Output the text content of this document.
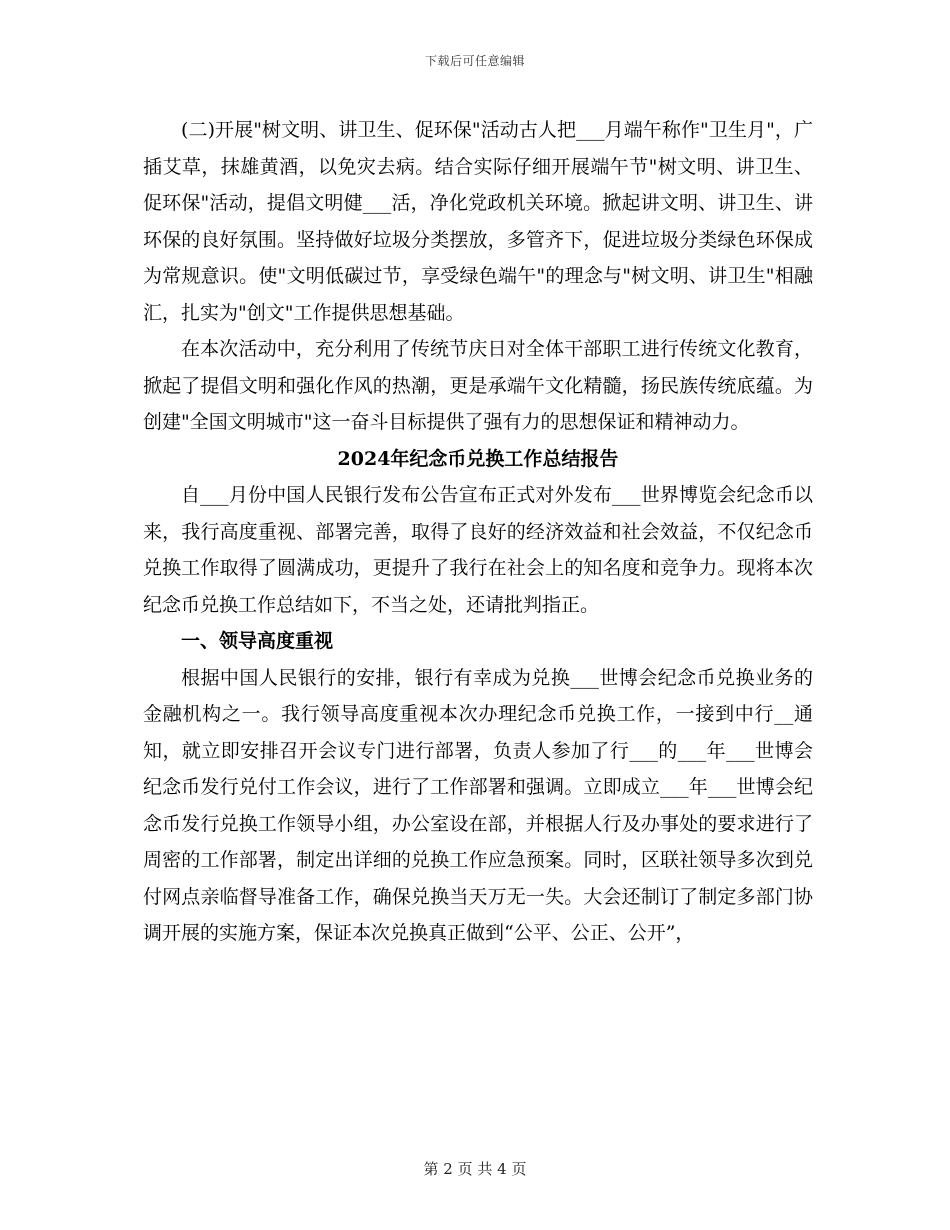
下载后可任意编辑

(二)开展"树文明、讲卫生、促环保"活动古人把___月端午称作"卫生月"，广插艾草，抹雄黄酒，以免灾去病。结合实际仔细开展端午节"树文明、讲卫生、促环保"活动，提倡文明健___活，净化党政机关环境。掀起讲文明、讲卫生、讲环保的良好氛围。坚持做好垃圾分类摆放，多管齐下，促进垃圾分类绿色环保成为常规意识。使"文明低碳过节，享受绿色端午"的理念与"树文明、讲卫生"相融汇，扎实为"创文"工作提供思想基础。

在本次活动中，充分利用了传统节庆日对全体干部职工进行传统文化教育，掀起了提倡文明和强化作风的热潮，更是承端午文化精髓，扬民族传统底蕴。为创建"全国文明城市"这一奋斗目标提供了强有力的思想保证和精神动力。

2024年纪念币兑换工作总结报告

自___月份中国人民银行发布公告宣布正式对外发布___世界博览会纪念币以来，我行高度重视、部署完善，取得了良好的经济效益和社会效益，不仅纪念币兑换工作取得了圆满成功，更提升了我行在社会上的知名度和竞争力。现将本次纪念币兑换工作总结如下，不当之处，还请批判指正。

一、领导高度重视

根据中国人民银行的安排，银行有幸成为兑换___世博会纪念币兑换业务的金融机构之一。我行领导高度重视本次办理纪念币兑换工作，一接到中行__通知，就立即安排召开会议专门进行部署，负责人参加了行___的___年___世博会纪念币发行兑付工作会议，进行了工作部署和强调。立即成立___年___世博会纪念币发行兑换工作领导小组，办公室设在部，并根据人行及办事处的要求进行了周密的工作部署，制定出详细的兑换工作应急预案。同时，区联社领导多次到兑付网点亲临督导准备工作，确保兑换当天万无一失。大会还制订了制定多部门协调开展的实施方案，保证本次兑换真正做到“公平、公正、公开”，

第 2 页 共 4 页
